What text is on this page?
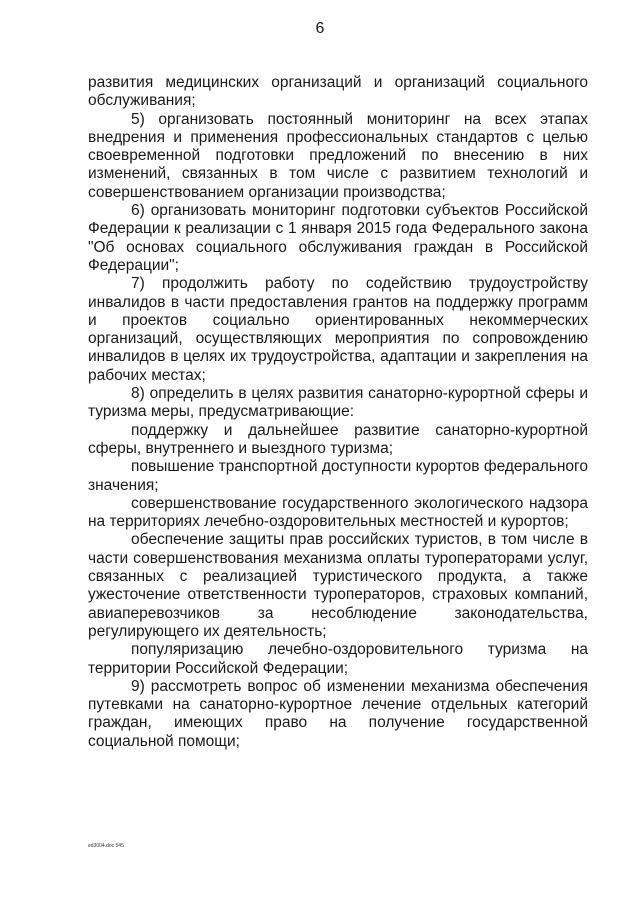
6

развития медицинских организаций и организаций социального обслуживания;

5) организовать постоянный мониторинг на всех этапах внедрения и применения профессиональных стандартов с целью своевременной подготовки предложений по внесению в них изменений, связанных в том числе с развитием технологий и совершенствованием организации производства;

6) организовать мониторинг подготовки субъектов Российской Федерации к реализации с 1 января 2015 года Федерального закона "Об основах социального обслуживания граждан в Российской Федерации";

7) продолжить работу по содействию трудоустройству инвалидов в части предоставления грантов на поддержку программ и проектов социально ориентированных некоммерческих организаций, осуществляющих мероприятия по сопровождению инвалидов в целях их трудоустройства, адаптации и закрепления на рабочих местах;

8) определить в целях развития санаторно-курортной сферы и туризма меры, предусматривающие:

поддержку и дальнейшее развитие санаторно-курортной сферы, внутреннего и выездного туризма;

повышение транспортной доступности курортов федерального значения;

совершенствование государственного экологического надзора на территориях лечебно-оздоровительных местностей и курортов;

обеспечение защиты прав российских туристов, в том числе в части совершенствования механизма оплаты туроператорами услуг, связанных с реализацией туристического продукта, а также ужесточение ответственности туроператоров, страховых компаний, авиаперевозчиков за несоблюдение законодательства, регулирующего их деятельность;

популяризацию лечебно-оздоровительного туризма на территории Российской Федерации;

9) рассмотреть вопрос об изменении механизма обеспечения путевками на санаторно-курортное лечение отдельных категорий граждан, имеющих право на получение государственной социальной помощи;

ed3004.doc 545
